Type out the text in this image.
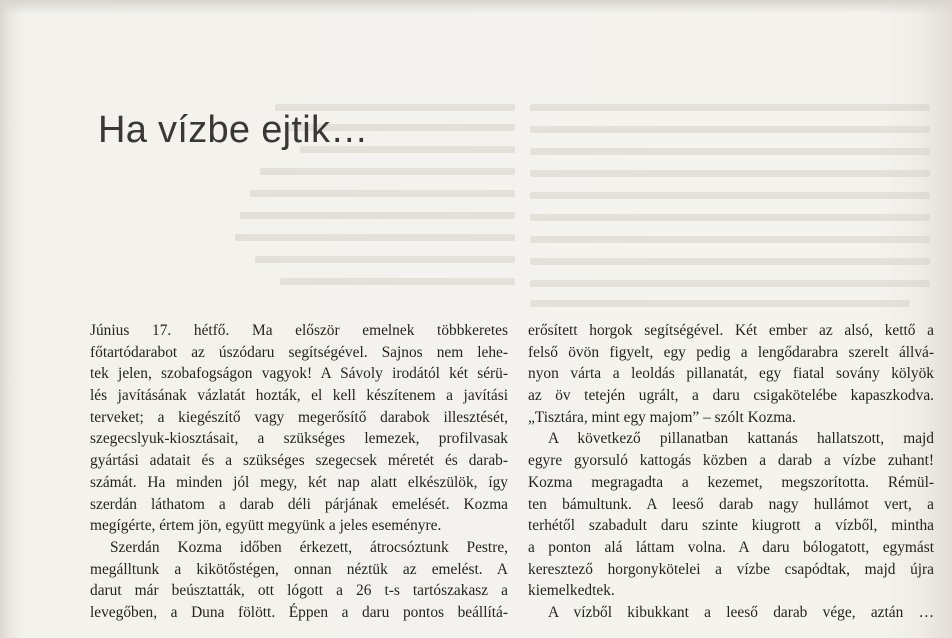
Ha vízbe ejtik…
Június 17. hétfő. Ma először emelnek többkeretes
főtartódarabot az úszódaru segítségével. Sajnos nem lehe-
tek jelen, szobafogságon vagyok! A Sávoly irodától két sérü-
lés javításának vázlatát hozták, el kell készítenem a javítási
terveket; a kiegészítő vagy megerősítő darabok illesztését,
szegecslyuk-kiosztásait, a szükséges lemezek, profilvasak
gyártási adatait és a szükséges szegecsek méretét és darab-
számát. Ha minden jól megy, két nap alatt elkészülök, így
szerdán láthatom a darab déli párjának emelését. Kozma
megígérte, értem jön, együtt megyünk a jeles eseményre.
Szerdán Kozma időben érkezett, átrocsóztunk Pestre,
megálltunk a kikötőstégen, onnan néztük az emelést. A
darut már beúsztatták, ott lógott a 26 t-s tartószakasz a
levegőben, a Duna fölött. Éppen a daru pontos beállítá-
erősített horgok segítségével. Két ember az alsó, kettő a
felső övön figyelt, egy pedig a lengődarabra szerelt állvá-
nyon várta a leoldás pillanatát, egy fiatal sovány kölyök
az öv tetején ugrált, a daru csigakötelébe kapaszkodva.
„Tisztára, mint egy majom” – szólt Kozma.
A következő pillanatban kattanás hallatszott, majd
egyre gyorsuló kattogás közben a darab a vízbe zuhant!
Kozma megragadta a kezemet, megszorította. Rémül-
ten bámultunk. A leeső darab nagy hullámot vert, a
terhétől szabadult daru szinte kiugrott a vízből, mintha
a ponton alá láttam volna. A daru bólogatott, egymást
keresztező horgonykötelei a vízbe csapódtak, majd újra
kiemelkedtek.
A vízből kibukkant a leeső darab vége, aztán …
